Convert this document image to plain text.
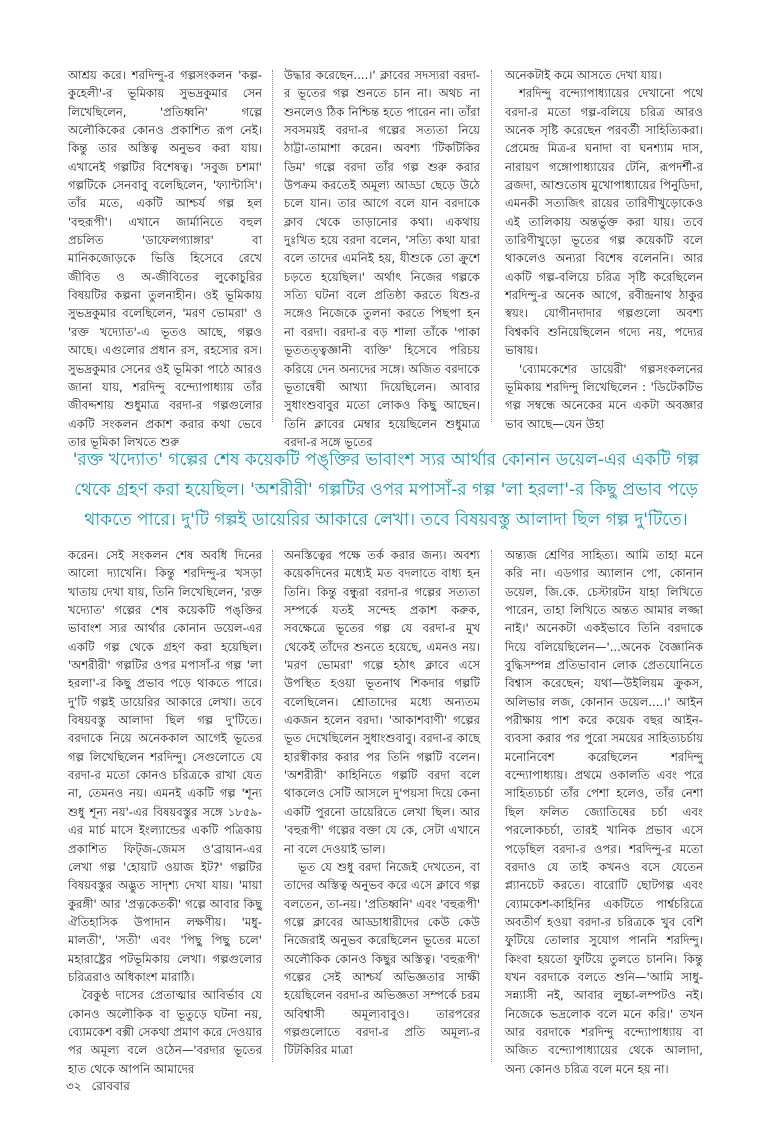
আশ্রয় করে। শরদিন্দু-র গল্পসংকলন 'কল্প-কুহেলী'-র ভূমিকায় সুভদ্রকুমার সেন লিখেছিলেন, 'প্রতিধ্বনি' গল্পে অলৌকিকের কোনও প্রকাশিত রূপ নেই। কিন্তু তার অস্তিত্ব অনুভব করা যায়। এখানেই গল্পটির বিশেষত্ব। 'সবুজ চশমা' গল্পটিকে সেনবাবু বলেছিলেন, 'ফ্যান্টাসি'। তাঁর মতে, একটি আশ্চর্য গল্প হল 'বহুরূপী'। এখানে জার্মানিতে বহুল প্রচলিত 'ডাফেলগ্যাঙ্গার' বা মানিকজোড়কে ভিত্তি হিসেবে রেখে জীবিত ও অ-জীবিতের লুকোচুরির বিষয়টির কল্পনা তুলনাহীন। ওই ভূমিকায় সুভদ্রকুমার বলেছিলেন, 'মরণ ভোমরা' ও 'রক্ত খদ্যোত'-এ ভূতও আছে, গল্পও আছে। এগুলোর প্রধান রস, রহস্যের রস। সুভদ্রকুমার সেনের ওই ভূমিকা পাঠে আরও জানা যায়, শরদিন্দু বন্দ্যোপাধ্যায় তাঁর জীবদ্দশায় শুধুমাত্র বরদা-র গল্পগুলোর একটি সংকলন প্রকাশ করার কথা ভেবে তার ভূমিকা লিখতে শুরু

উদ্ধার করেছেন....।' ক্লাবের সদস্যরা বরদা-র ভূতের গল্প শুনতে চান না। অথচ না শুনলেও ঠিক নিশ্চিন্ত হতে পারেন না। তাঁরা সবসময়ই বরদা-র গল্পের সত্যতা নিয়ে ঠাট্টা-তামাশা করেন। অবশ্য 'টিকটিকির ডিম' গল্পে বরদা তাঁর গল্প শুরু করার উপক্রম করতেই অমূল্য আড্ডা ছেড়ে উঠে চলে যান। তার আগে বলে যান বরদাকে ক্লাব থেকে তাড়ানোর কথা। একথায় দুঃখিত হয়ে বরদা বলেন, 'সত্যি কথা যারা বলে তাদের এমনিই হয়, যীশুকে তো ক্রুশে চড়তে হয়েছিল।' অর্থাৎ নিজের গল্পকে সত্যি ঘটনা বলে প্রতিষ্ঠা করতে যিশু-র সঙ্গেও নিজেকে তুলনা করতে পিছপা হন না বরদা। বরদা-র বড় শালা তাঁকে 'পাকা ভূততত্ত্বজ্ঞানী ব্যক্তি' হিসেবে পরিচয় করিয়ে দেন অন্যদের সঙ্গে। অজিত বরদাকে ভূতান্বেষী আখ্যা দিয়েছিলেন। আবার সুধাংশুবাবুর মতো লোকও কিছু আছেন। তিনি ক্লাবের মেম্বার হয়েছিলেন শুধুমাত্র বরদা-র সঙ্গে ভূতের

অনেকটাই কমে আসতে দেখা যায়।

শরদিন্দু বন্দ্যোপাধ্যায়ের দেখানো পথে বরদা-র মতো গল্প-বলিয়ে চরিত্র আরও অনেক সৃষ্টি করেছেন পরবর্তী সাহিত্যিকরা। প্রেমেন্দ্র মিত্র-র ঘনাদা বা ঘনশ্যাম দাস, নারায়ণ গঙ্গোপাধ্যায়ের টেনি, রূপদর্শী-র ব্রজদা, আশুতোষ মুখোপাধ্যায়ের পিনুডিদা, এমনকী সত্যজিৎ রায়ের তারিণীখুড়োকেও এই তালিকায় অন্তর্ভুক্ত করা যায়। তবে তারিণীখুড়ো ভূতের গল্প কয়েকটি বলে থাকলেও অন্যরা বিশেষ বলেননি। আর একটি গল্প-বলিয়ে চরিত্র সৃষ্টি করেছিলেন শরদিন্দু-র অনেক আগে, রবীন্দ্রনাথ ঠাকুর স্বয়ং। যোগীনদাদার গল্পগুলো অবশ্য বিশ্বকবি শুনিয়েছিলেন গদ্যে নয়, পদ্যের ভাষায়।

'ব্যোমকেশের ডায়েরী' গল্পসংকলনের ভূমিকায় শরদিন্দু লিখেছিলেন : 'ডিটেকটিভ গল্প সম্বন্ধে অনেকের মনে একটা অবজ্ঞার ভাব আছে—যেন উহা

'রক্ত খদ্যোত' গল্পের শেষ কয়েকটি পঙ্‌ক্তির ভাবাংশ স্যর আর্থার কোনান ডয়েল-এর একটি গল্প থেকে গ্রহণ করা হয়েছিল। 'অশরীরী' গল্পটির ওপর মপাসাঁ-র গল্প 'লা হরলা'-র কিছু প্রভাব পড়ে থাকতে পারে। দু'টি গল্পই ডায়েরির আকারে লেখা। তবে বিষয়বস্তু আলাদা ছিল গল্প দু'টিতে।

করেন। সেই সংকলন শেষ অবধি দিনের আলো দ্যাখেনি। কিন্তু শরদিন্দু-র খসড়া খাতায় দেখা যায়, তিনি লিখেছিলেন, 'রক্ত খদ্যোত' গল্পের শেষ কয়েকটি পঙ্‌ক্তির ভাবাংশ স্যর আর্থার কোনান ডয়েল-এর একটি গল্প থেকে গ্রহণ করা হয়েছিল। 'অশরীরী' গল্পটির ওপর মপাসাঁ-র গল্প 'লা হরলা'-র কিছু প্রভাব পড়ে থাকতে পারে। দু'টি গল্পই ডায়েরির আকারে লেখা। তবে বিষয়বস্তু আলাদা ছিল গল্প দু'টিতে। বরদাকে নিয়ে অনেককাল আগেই ভূতের গল্প লিখেছিলেন শরদিন্দু। সেগুলোতে যে বরদা-র মতো কোনও চরিত্রকে রাখা যেত না, তেমনও নয়। এমনই একটি গল্প 'শূন্য শুধু শূন্য নয়'-এর বিষয়বস্তুর সঙ্গে ১৮৫৯-এর মার্চ মাসে ইংল্যান্ডের একটি পত্রিকায় প্রকাশিত ফিট্‌জ-জেমস ও'ব্রায়ান-এর লেখা গল্প 'হোয়াট ওয়াজ ইট?' গল্পটির বিষয়বস্তুর অদ্ভুত সাদৃশ্য দেখা যায়। 'মায়া কুরঙ্গী' আর 'প্রত্নকেতকী' গল্পে আবার কিছু ঐতিহাসিক উপাদান লক্ষণীয়। 'মধু-মালতী', 'সতী' এবং 'পিছু পিছু চলে' মহারাষ্ট্রের পটভূমিকায় লেখা। গল্পগুলোর চরিত্ররাও অধিকাংশ মারাঠি।

বৈকুণ্ঠ দাসের প্রেতাত্মার আবির্ভাব যে কোনও অলৌকিক বা ভূতুড়ে ঘটনা নয়, ব্যোমকেশ বক্সী সেকথা প্রমাণ করে দেওয়ার পর অমূল্য বলে ওঠেন—'বরদার ভূতের হাত থেকে আপনি আমাদের

অনস্তিত্বের পক্ষে তর্ক করার জন্য। অবশ্য কয়েকদিনের মধ্যেই মত বদলাতে বাধ্য হন তিনি। কিন্তু বন্ধুরা বরদা-র গল্পের সত্যতা সম্পর্কে যতই সন্দেহ প্রকাশ করুক, সবক্ষেত্রে ভূতের গল্প যে বরদা-র মুখ থেকেই তাঁদের শুনতে হয়েছে, এমনও নয়। 'মরণ ভোমরা' গল্পে হঠাৎ ক্লাবে এসে উপস্থিত হওয়া ভূতনাথ শিকদার গল্পটি বলেছিলেন। শ্রোতাদের মধ্যে অন্যতম একজন হলেন বরদা। 'আকাশবাণী' গল্পের ভূত দেখেছিলেন সুধাংশুবাবু। বরদা-র কাছে হারস্বীকার করার পর তিনি গল্পটি বলেন। 'অশরীরী' কাহিনিতে গল্পটি বরদা বলে থাকলেও সেটি আসলে দু'পয়সা দিয়ে কেনা একটি পুরনো ডায়েরিতে লেখা ছিল। আর 'বহুরূপী' গল্পের বক্তা যে কে, সেটা এখানে না বলে দেওয়াই ভাল।

ভূত যে শুধু বরদা নিজেই দেখতেন, বা তাদের অস্তিত্ব অনুভব করে এসে ক্লাবে গল্প বলতেন, তা-নয়। 'প্রতিধ্বনি' এবং 'বহুরূপী' গল্পে ক্লাবের আড্ডাধারীদের কেউ কেউ নিজেরাই অনুভব করেছিলেন ভূতের মতো অলৌকিক কোনও কিছুর অস্তিত্ব। 'বহুরূপী' গল্পের সেই আশ্চর্য অভিজ্ঞতার সাক্ষী হয়েছিলেন বরদা-র অভিজ্ঞতা সম্পর্কে চরম অবিশ্বাসী অমূল্যবাবুও। তারপরের গল্পগুলোতে বরদা-র প্রতি অমূল্য-র টিটকিরির মাত্রা

অন্ত্যজ শ্রেণির সাহিত্য। আমি তাহা মনে করি না। এডগার অ্যালান পো, কোনান ডয়েল, জি.কে. চেস্টারটন যাহা লিখিতে পারেন, তাহা লিখিতে অন্তত আমার লজ্জা নাই।' অনেকটা একইভাবে তিনি বরদাকে দিয়ে বলিয়েছিলেন—'...অনেক বৈজ্ঞানিক বুদ্ধিসম্পন্ন প্রতিভাবান লোক প্রেতযোনিতে বিশ্বাস করেছেন; যথা—উইলিয়ম ক্রুকস, অলিভার লজ, কোনান ডয়েল....।' আইন পরীক্ষায় পাশ করে কয়েক বছর আইন-ব্যবসা করার পর পুরো সময়ের সাহিত্যচর্চায় মনোনিবেশ করেছিলেন শরদিন্দু বন্দ্যোপাধ্যায়। প্রথমে ওকালতি এবং পরে সাহিত্যচর্চা তাঁর পেশা হলেও, তাঁর নেশা ছিল ফলিত জ্যোতিষের চর্চা এবং পরলোকচর্চা, তারই খানিক প্রভাব এসে পড়েছিল বরদা-র ওপর। শরদিন্দু-র মতো বরদাও যে তাই কখনও বসে যেতেন প্ল্যানচেট করতে। বারোটি ছোটগল্প এবং ব্যোমকেশ-কাহিনির একটিতে পার্শ্বচরিত্রে অবতীর্ণ হওয়া বরদা-র চরিত্রকে খুব বেশি ফুটিয়ে তোলার সুযোগ পাননি শরদিন্দু। কিংবা হয়তো ফুটিয়ে তুলতে চাননি। কিন্তু যখন বরদাকে বলতে শুনি—'আমি সাধু-সন্ন্যাসী নই, আবার লুচ্চা-লম্পটও নই। নিজেকে ভদ্রলোক বলে মনে করি।' তখন আর বরদাকে শরদিন্দু বন্দ্যোপাধ্যায় বা অজিত বন্দ্যোপাধ্যায়ের থেকে আলাদা, অন্য কোনও চরিত্র বলে মনে হয় না।

৩২ রোববার
